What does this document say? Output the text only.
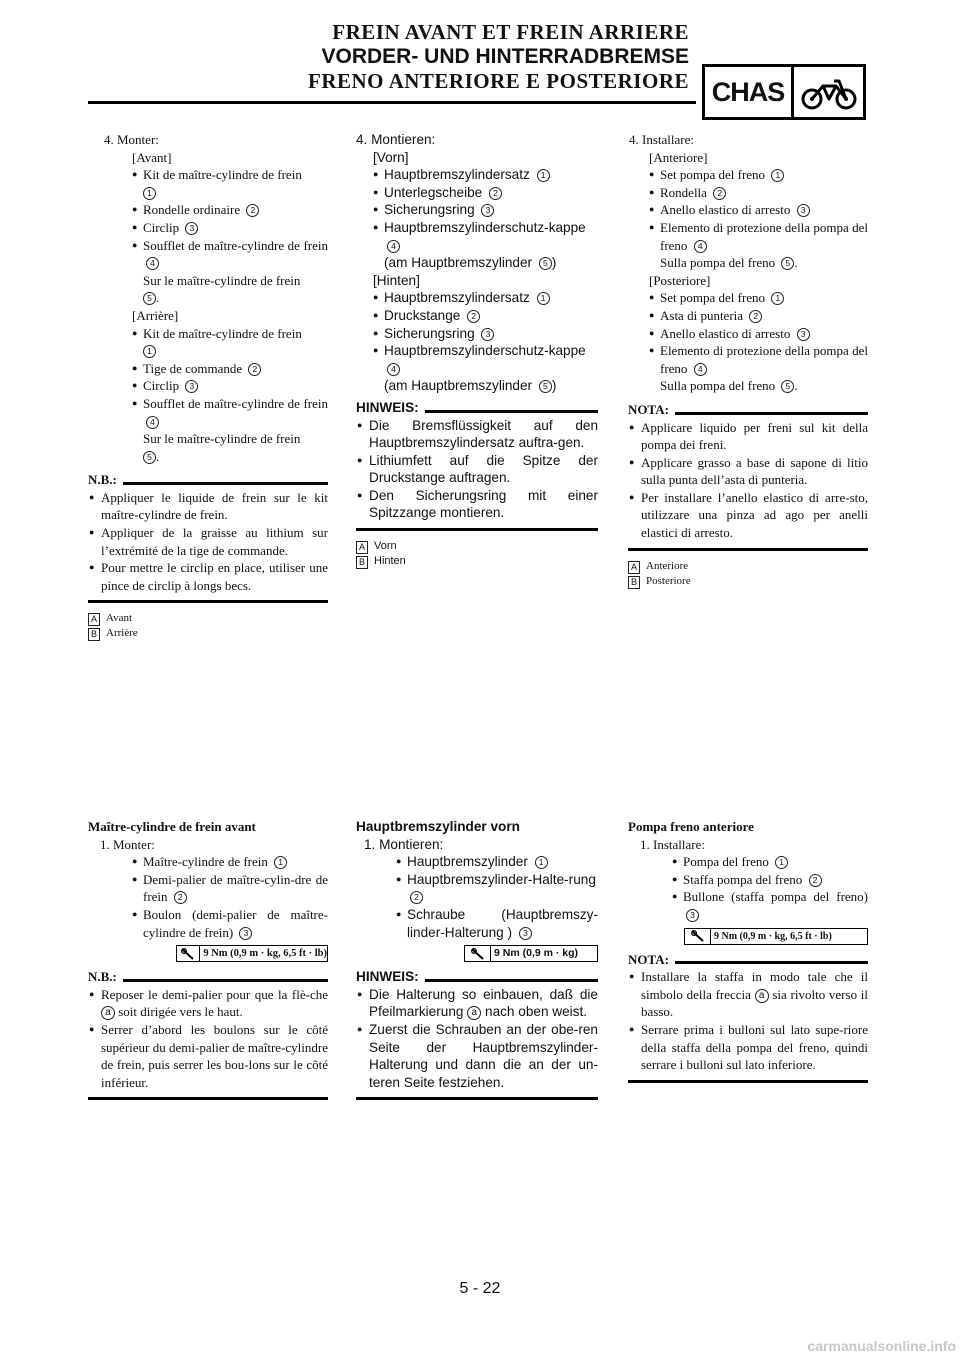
FREIN AVANT ET FREIN ARRIERE
VORDER- UND HINTERRADBREMSE
FRENO ANTERIORE E POSTERIORE CHAS
4. Monter:
[Avant]
● Kit de maître-cylindre de frein
1
● Rondelle ordinaire 2
● Circlip 3
● Soufflet de maître-cylindre de frein 4
Sur le maître-cylindre de frein
5 .
[Arrière]
● Kit de maître-cylindre de frein
1
● Tige de commande 2
● Circlip 3
● Soufflet de maître-cylindre de frein 4
Sur le maître-cylindre de frein
5 .
N.B.:
● Appliquer le liquide de frein sur le kit maître-cylindre de frein.
● Appliquer de la graisse au lithium sur l’extrémité de la tige de commande.
● Pour mettre le circlip en place, utiliser une pince de circlip à longs becs.
A Avant
B Arrière
4. Montieren:
[Vorn]
● Hauptbremszylindersatz 1
● Unterlegscheibe 2
● Sicherungsring 3
● Hauptbremszylinderschutz-kappe 4
(am Hauptbremszylinder 5 )
[Hinten]
● Hauptbremszylindersatz 1
● Druckstange 2
● Sicherungsring 3
● Hauptbremszylinderschutz-kappe 4
(am Hauptbremszylinder 5 )
HINWEIS:
● Die Bremsflüssigkeit auf den Hauptbremszylindersatz auftra-gen.
● Lithiumfett auf die Spitze der Druckstange auftragen.
● Den Sicherungsring mit einer Spitzzange montieren.
A Vorn
B Hinten
4. Installare:
[Anteriore]
● Set pompa del freno 1
● Rondella 2
● Anello elastico di arresto 3
● Elemento di protezione della pompa del freno 4
Sulla pompa del freno 5 .
[Posteriore]
● Set pompa del freno 1
● Asta di punteria 2
● Anello elastico di arresto 3
● Elemento di protezione della pompa del freno 4
Sulla pompa del freno 5 .
NOTA:
● Applicare liquido per freni sul kit della pompa dei freni.
● Applicare grasso a base di sapone di litio sulla punta dell’asta di punteria.
● Per installare l’anello elastico di arre-sto, utilizzare una pinza ad ago per anelli elastici di arresto.
A Anteriore
B Posteriore
Maître-cylindre de frein avant
1. Monter:
● Maître-cylindre de frein 1
● Demi-palier de maître-cylin-dre de frein 2
● Boulon (demi-palier de maître-cylindre de frein) 3
9 Nm (0,9 m · kg, 6,5 ft · lb)
N.B.:
● Reposer le demi-palier pour que la flè-che a soit dirigée vers le haut.
● Serrer d’abord les boulons sur le côté supérieur du demi-palier de maître-cylindre de frein, puis serrer les bou-lons sur le côté inférieur.
Hauptbremszylinder vorn
1. Montieren:
● Hauptbremszylinder 1
● Hauptbremszylinder-Halte-rung 2
● Schraube (Hauptbremszy-linder-Halterung ) 3
9 Nm (0,9 m · kg)
HINWEIS:
● Die Halterung so einbauen, daß die Pfeilmarkierung a nach oben weist.
● Zuerst die Schrauben an der obe-ren Seite der Hauptbremszylinder-Halterung und dann die an der un-teren Seite festziehen.
Pompa freno anteriore
1. Installare:
● Pompa del freno 1
● Staffa pompa del freno 2
● Bullone (staffa pompa del freno) 3
9 Nm (0,9 m · kg, 6,5 ft · lb)
NOTA:
● Installare la staffa in modo tale che il simbolo della freccia a sia rivolto verso il basso.
● Serrare prima i bulloni sul lato supe-riore della staffa della pompa del freno, quindi serrare i bulloni sul lato inferiore.
5 - 22
carmanualsonline.info
